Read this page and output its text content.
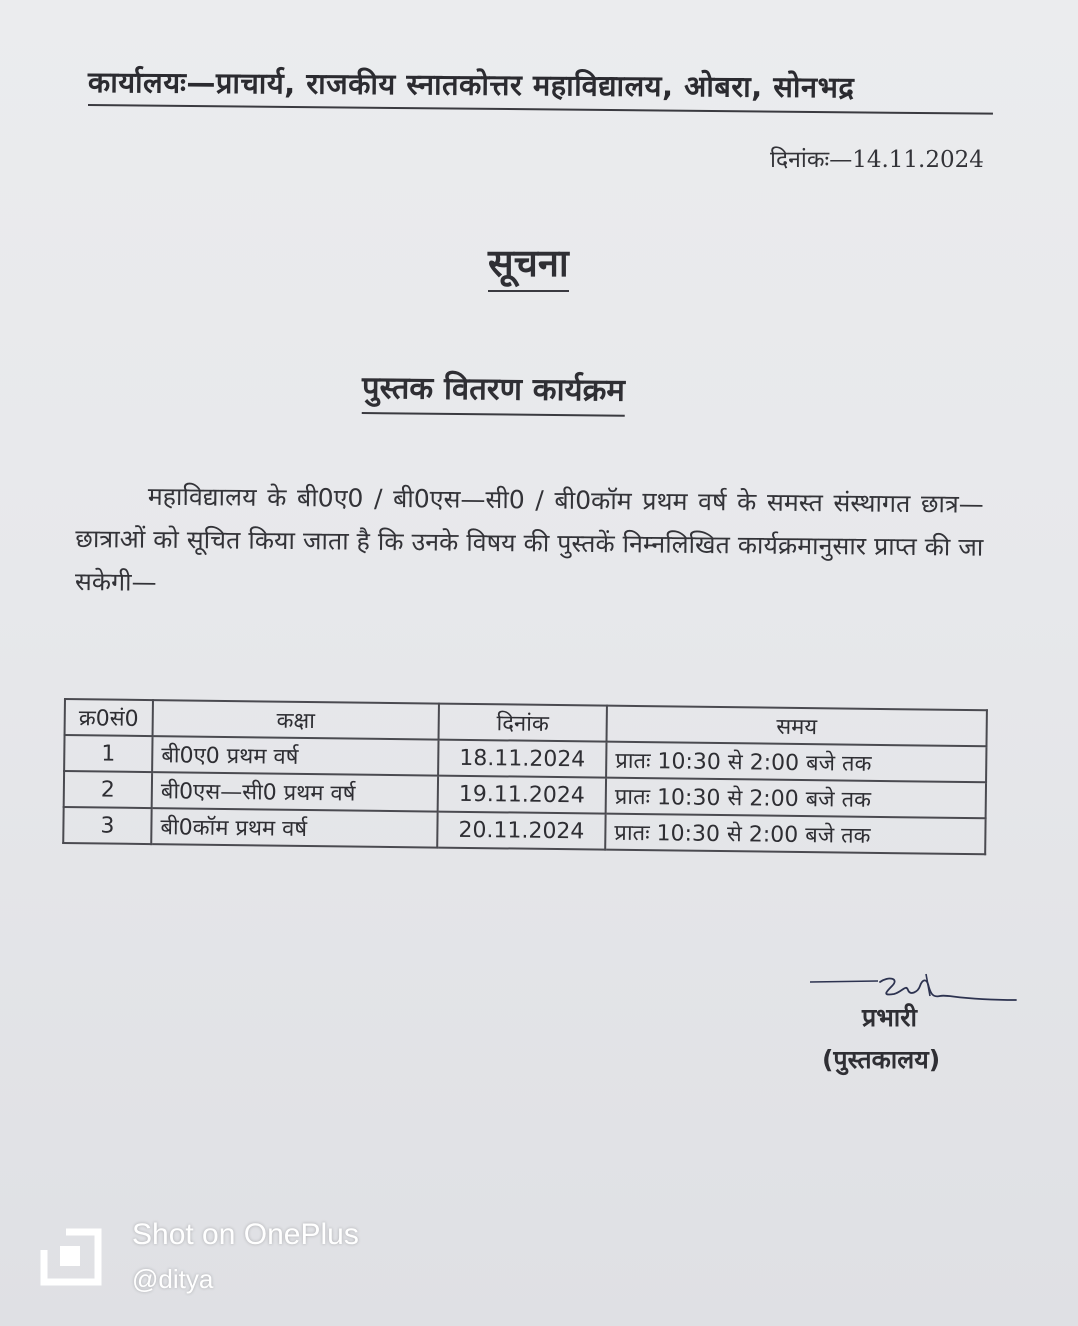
कार्यालयः—प्राचार्य, राजकीय स्नातकोत्तर महाविद्यालय, ओबरा, सोनभद्र
दिनांकः—14.11.2024
सूचना
पुस्तक वितरण कार्यक्रम
महाविद्यालय के बी0ए0 / बी0एस—सी0 / बी0कॉम प्रथम वर्ष के समस्त संस्थागत छात्र—छात्राओं को सूचित किया जाता है कि उनके विषय की पुस्तकें निम्नलिखित कार्यक्रमानुसार प्राप्त की जा सकेगी—
क्र0सं0	कक्षा	दिनांक	समय
1	बी0ए0 प्रथम वर्ष	18.11.2024	प्रातः 10:30 से 2:00 बजे तक
2	बी0एस—सी0 प्रथम वर्ष	19.11.2024	प्रातः 10:30 से 2:00 बजे तक
3	बी0कॉम प्रथम वर्ष	20.11.2024	प्रातः 10:30 से 2:00 बजे तक
प्रभारी
(पुस्तकालय)
Shot on OnePlus
@ditya
